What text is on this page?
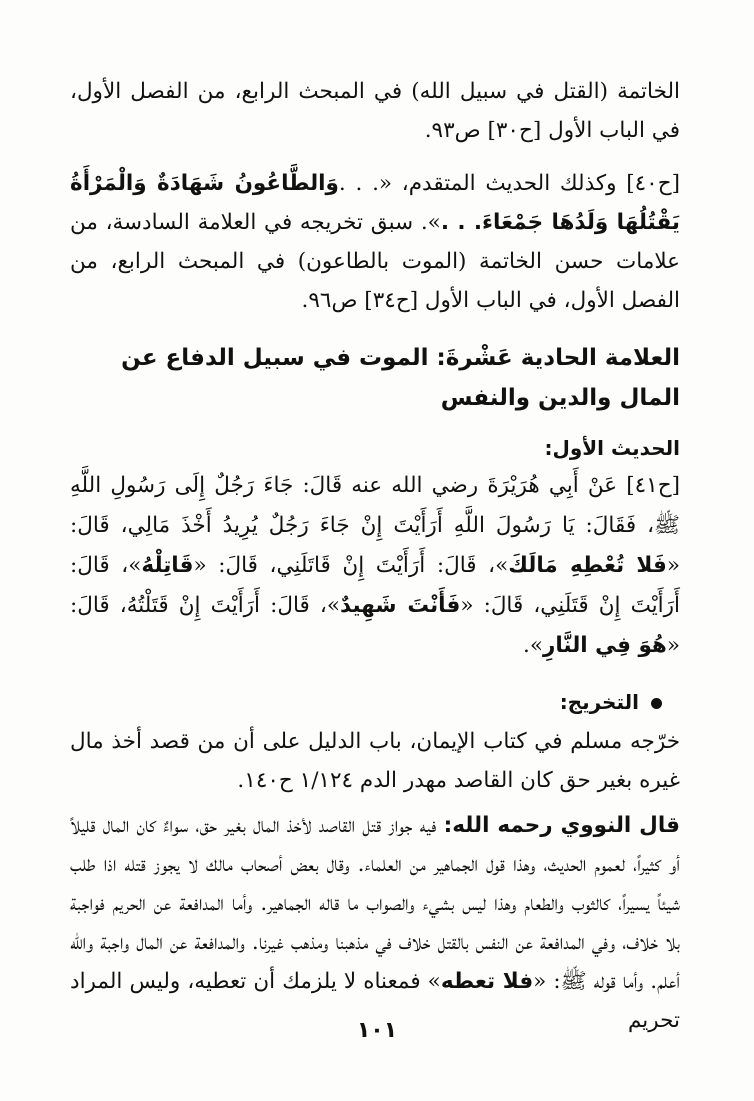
الخاتمة (القتل في سبيل الله) في المبحث الرابع، من الفصل الأول، في الباب الأول [ح٣٠] ص٩٣.

[ح٤٠] وكذلك الحديث المتقدم، «. . .وَالطَّاعُونُ شَهَادَةٌ وَالْمَرْأَةُ يَقْتُلُهَا وَلَدُهَا جَمْعَاءَ. . .». سبق تخريجه في العلامة السادسة، من علامات حسن الخاتمة (الموت بالطاعون) في المبحث الرابع، من الفصل الأول، في الباب الأول [ح٣٤] ص٩٦.

العلامة الحادية عَشْرةَ: الموت في سبيل الدفاع عن المال والدين والنفس
الحديث الأول:

[ح٤١] عَنْ أَبِي هُرَيْرَةَ رضي الله عنه قَالَ: جَاءَ رَجُلٌ إِلَى رَسُولِ اللَّهِ ﷺ، فَقَالَ: يَا رَسُولَ اللَّهِ أَرَأَيْتَ إِنْ جَاءَ رَجُلٌ يُرِيدُ أَخْذَ مَالِي، قَالَ: «فَلا تُعْطِهِ مَالَكَ»، قَالَ: أَرَأَيْتَ إِنْ قَاتَلَنِي، قَالَ: «قَاتِلْهُ»، قَالَ: أَرَأَيْتَ إِنْ قَتَلَنِي، قَالَ: «فَأَنْتَ شَهِيدٌ»، قَالَ: أَرَأَيْتَ إِنْ قَتَلْتُهُ، قَالَ: «هُوَ فِي النَّارِ».

التخريج:

خرّجه مسلم في كتاب الإيمان، باب الدليل على أن من قصد أخذ مال غيره بغير حق كان القاصد مهدر الدم ١/١٢٤ ح١٤٠.

قال النووي رحمه الله: فيه جواز قتل القاصد لأخذ المال بغير حق، سواءٌ كان المال قليلاً أو كثيراً، لعموم الحديث، وهذا قول الجماهير من العلماء. وقال بعض أصحاب مالك لا يجوز قتله اذا طلب شيئاً يسيراً، كالثوب والطعام وهذا ليس بشيء والصواب ما قاله الجماهير. وأما المدافعة عن الحريم فواجبة بلا خلاف، وفي المدافعة عن النفس بالقتل خلاف في مذهبنا ومذهب غيرنا. والمدافعة عن المال واجبة والله أعلم. وأما قوله ﷺ: «فلا تعطه» فمعناه لا يلزمك أن تعطيه، وليس المراد تحريم

١٠١
